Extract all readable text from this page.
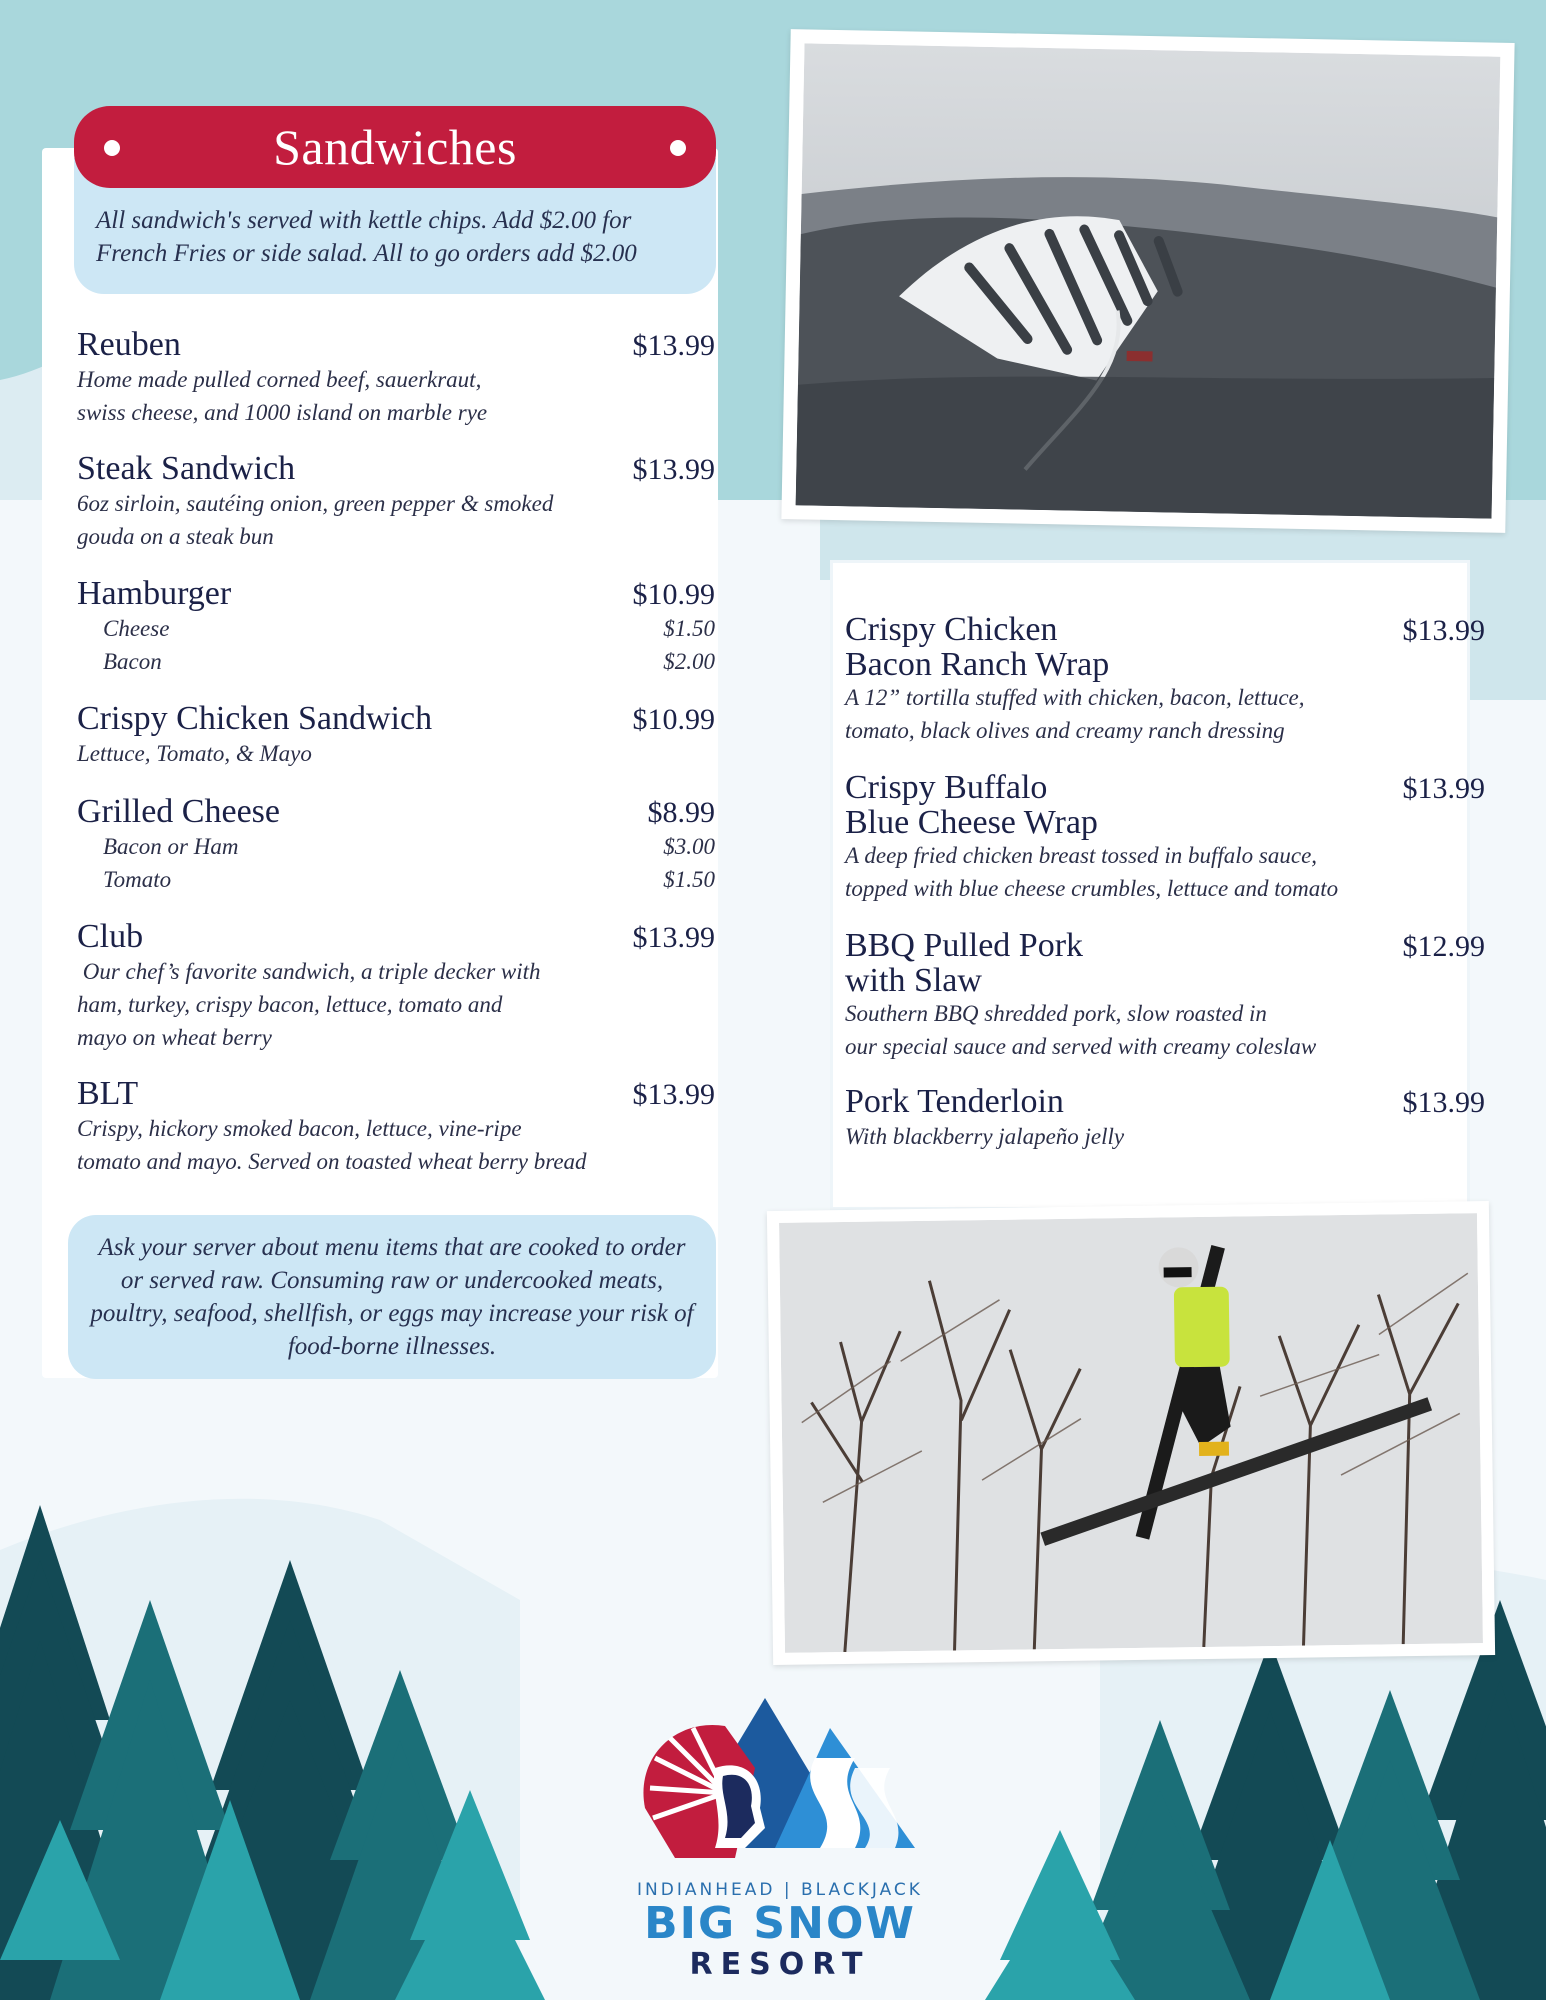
Sandwiches
All sandwich's served with kettle chips. Add $2.00 for French Fries or side salad. All to go orders add $2.00
Reuben	$13.99
Home made pulled corned beef, sauerkraut,
swiss cheese, and 1000 island on marble rye
Steak Sandwich	$13.99
6oz sirloin, sautéing onion, green pepper & smoked
gouda on a steak bun
Hamburger	$10.99
Cheese	$1.50
Bacon	$2.00
Crispy Chicken Sandwich	$10.99
Lettuce, Tomato, & Mayo
Grilled Cheese	$8.99
Bacon or Ham	$3.00
Tomato	$1.50
Club	$13.99
Our chef’s favorite sandwich, a triple decker with
ham, turkey, crispy bacon, lettuce, tomato and
mayo on wheat berry
BLT	$13.99
Crispy, hickory smoked bacon, lettuce, vine-ripe
tomato and mayo. Served on toasted wheat berry bread
Ask your server about menu items that are cooked to order or served raw. Consuming raw or undercooked meats, poultry, seafood, shellfish, or eggs may increase your risk of food-borne illnesses.
Crispy Chicken	$13.99
Bacon Ranch Wrap
A 12” tortilla stuffed with chicken, bacon, lettuce,
tomato, black olives and creamy ranch dressing
Crispy Buffalo	$13.99
Blue Cheese Wrap
A deep fried chicken breast tossed in buffalo sauce,
topped with blue cheese crumbles, lettuce and tomato
BBQ Pulled Pork	$12.99
with Slaw
Southern BBQ shredded pork, slow roasted in
our special sauce and served with creamy coleslaw
Pork Tenderloin	$13.99
With blackberry jalapeño jelly
INDIANHEAD | BLACKJACK
BIG SNOW
RESORT
